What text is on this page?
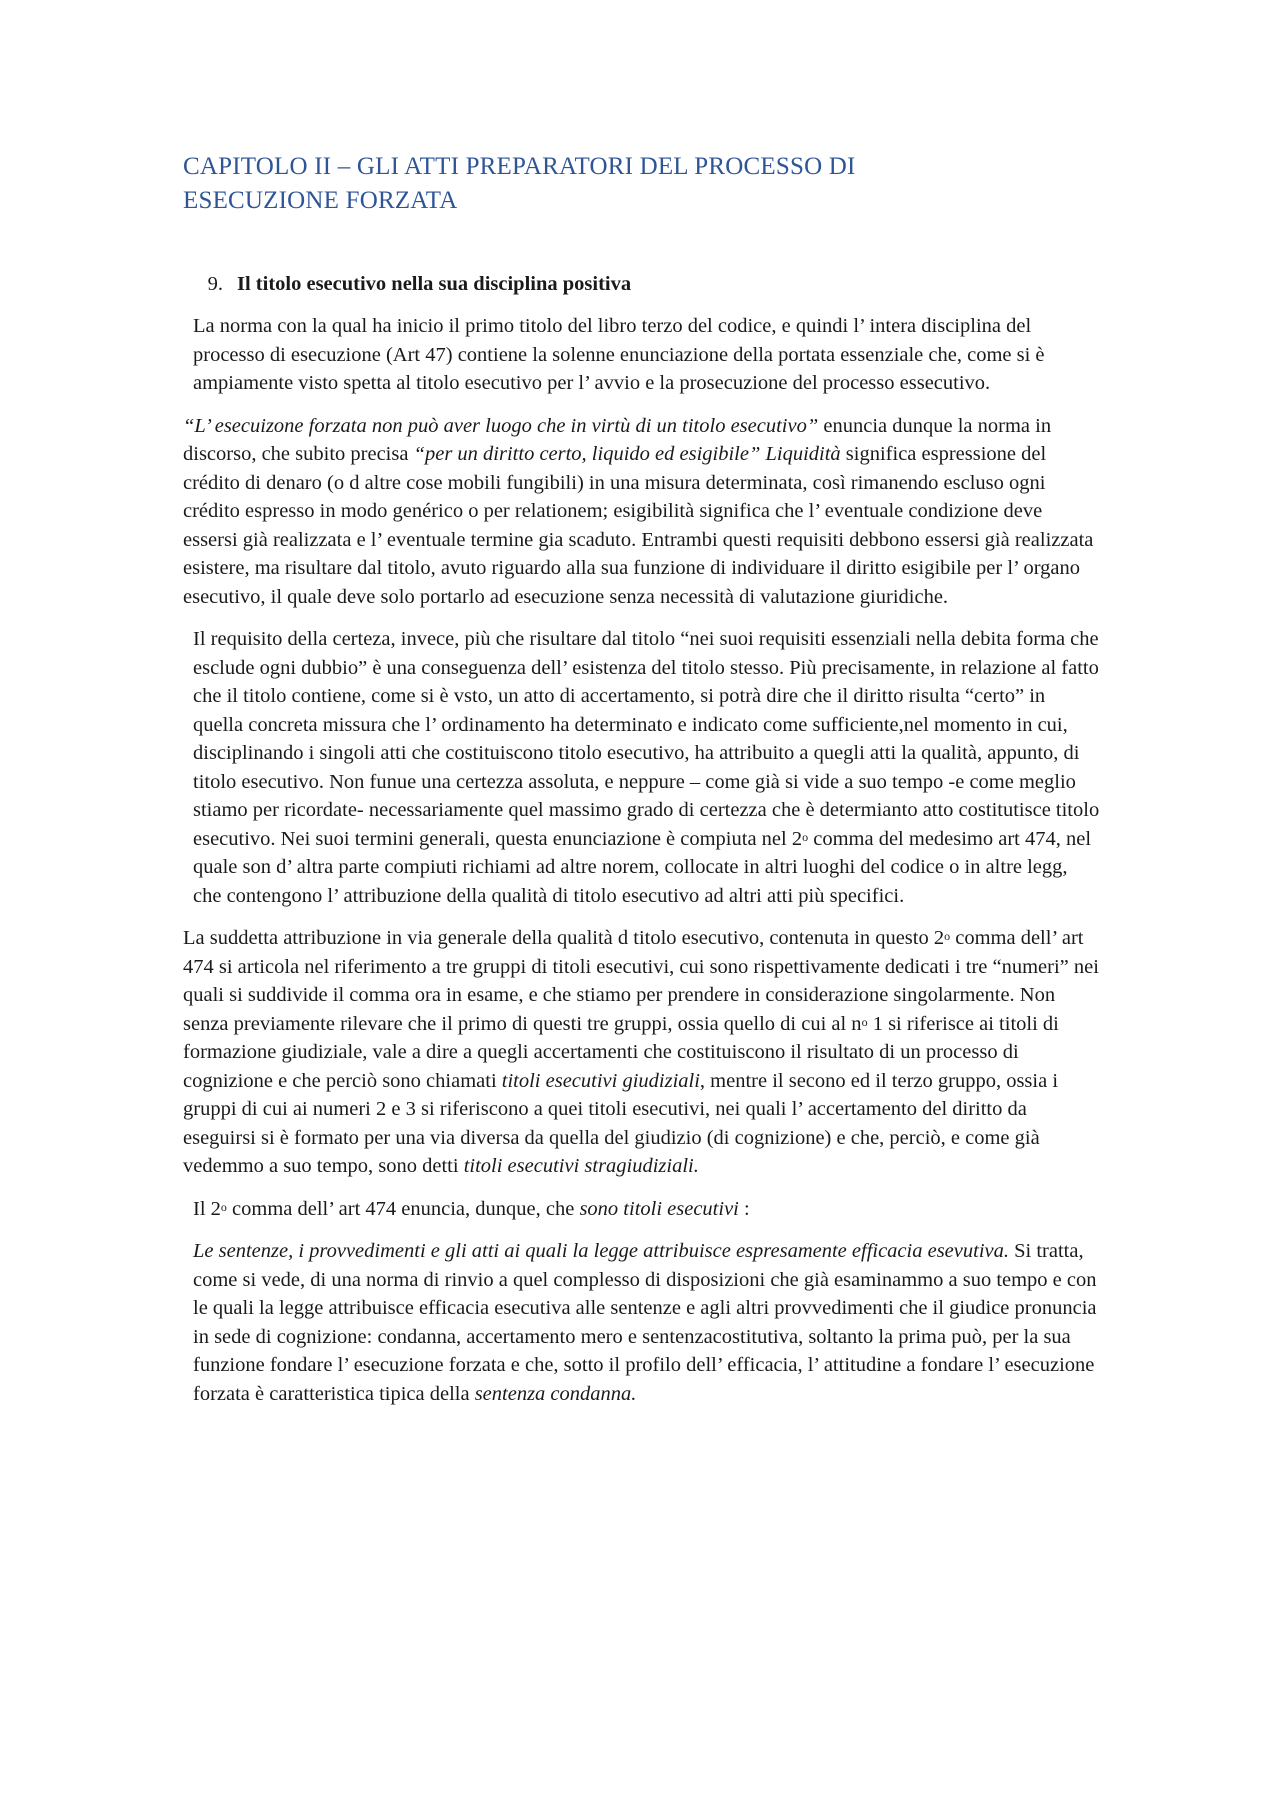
CAPITOLO II – GLI ATTI PREPARATORI DEL PROCESSO DI
ESECUZIONE FORZATA
9. Il titolo esecutivo nella sua disciplina positiva

La norma con la qual ha inicio il primo titolo del libro terzo del codice, e quindi l’ intera disciplina del processo di esecuzione (Art 47) contiene la solenne enunciazione della portata essenziale che, come si è ampiamente visto spetta al titolo esecutivo per l’ avvio e la prosecuzione del processo essecutivo.

“L’ esecuizone forzata non può aver luogo che in virtù di un titolo esecutivo” enuncia dunque la norma in discorso, che subito precisa “per un diritto certo, liquido ed esigibile” Liquidità significa espressione del crédito di denaro (o d altre cose mobili fungibili) in una misura determinata, così rimanendo escluso ogni crédito espresso in modo genérico o per relationem; esigibilità significa che l’ eventuale condizione deve essersi già realizzata e l’ eventuale termine gia scaduto. Entrambi questi requisiti debbono essersi già realizzata esistere, ma risultare dal titolo, avuto riguardo alla sua funzione di individuare il diritto esigibile per l’ organo esecutivo, il quale deve solo portarlo ad esecuzione senza necessità di valutazione giuridiche.

Il requisito della certeza, invece, più che risultare dal titolo “nei suoi requisiti essenziali nella debita forma che esclude ogni dubbio” è una conseguenza dell’ esistenza del titolo stesso. Più precisamente, in relazione al fatto che il titolo contiene, come si è vsto, un atto di accertamento, si potrà dire che il diritto risulta “certo” in quella concreta missura che l’ ordinamento ha determinato e indicato come sufficiente,nel momento in cui, disciplinando i singoli atti che costituiscono titolo esecutivo, ha attribuito a quegli atti la qualità, appunto, di titolo esecutivo. Non funue una certezza assoluta, e neppure – come già si vide a suo tempo -e come meglio stiamo per ricordate- necessariamente quel massimo grado di certezza che è determianto atto costitutisce titolo esecutivo. Nei suoi termini generali, questa enunciazione è compiuta nel 2$^o$ comma del medesimo art 474, nel quale son d’ altra parte compiuti richiami ad altre norem, collocate in altri luoghi del codice o in altre legg, che contengono l’ attribuzione della qualità di titolo esecutivo ad altri atti più specifici.

La suddetta attribuzione in via generale della qualità d titolo esecutivo, contenuta in questo 2$^o$ comma dell’ art 474 si articola nel riferimento a tre gruppi di titoli esecutivi, cui sono rispettivamente dedicati i tre “numeri” nei quali si suddivide il comma ora in esame, e che stiamo per prendere in considerazione singolarmente. Non senza previamente rilevare che il primo di questi tre gruppi, ossia quello di cui al $n^o$ 1 si riferisce ai titoli di formazione giudiziale, vale a dire a quegli accertamenti che costituiscono il risultato di un processo di cognizione e che perciò sono chiamati titoli esecutivi giudiziali, mentre il secono ed il terzo gruppo, ossia i gruppi di cui ai numeri 2 e 3 si riferiscono a quei titoli esecutivi, nei quali l’ accertamento del diritto da eseguirsi si è formato per una via diversa da quella del giudizio (di cognizione) e che, perciò, e come già vedemmo a suo tempo, sono detti titoli esecutivi stragiudiziali.

Il 2$^o$ comma dell’ art 474 enuncia, dunque, che sono titoli esecutivi :

Le sentenze, i provvedimenti e gli atti ai quali la legge attribuisce espresamente efficacia esevutiva. Si tratta, come si vede, di una norma di rinvio a quel complesso di disposizioni che già esaminammo a suo tempo e con le quali la legge attribuisce efficacia esecutiva alle sentenze e agli altri provvedimenti che il giudice pronuncia in sede di cognizione: condanna, accertamento mero e sentenzacostitutiva, soltanto la prima può, per la sua funzione fondare l’ esecuzione forzata e che, sotto il profilo dell’ efficacia, l’ attitudine a fondare l’ esecuzione forzata è caratteristica tipica della sentenza condanna.
